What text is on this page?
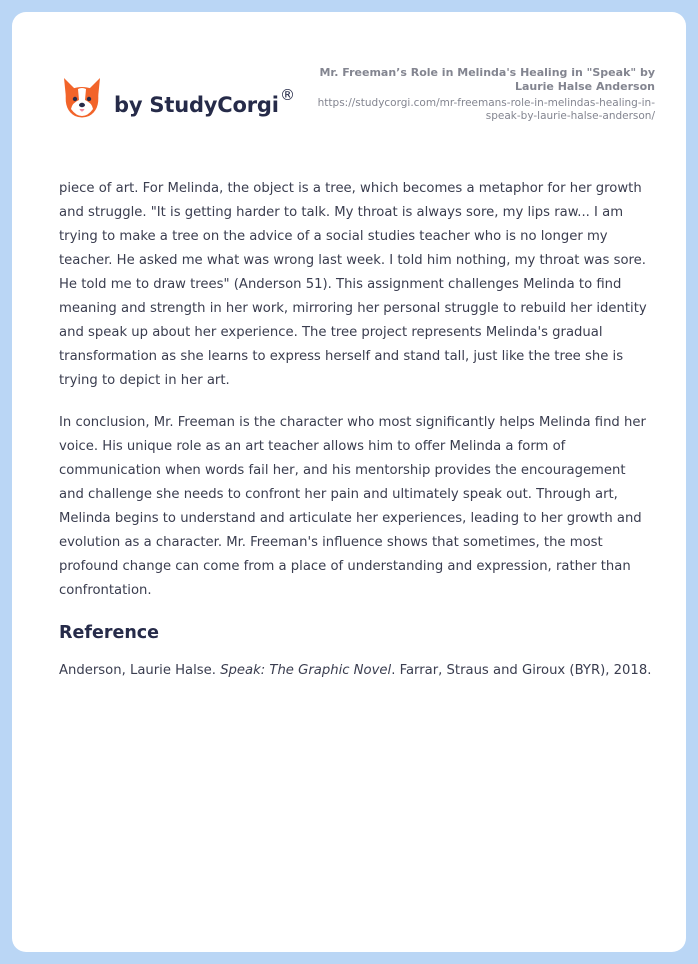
by StudyCorgi ®
Mr. Freeman’s Role in Melinda's Healing in "Speak" by Laurie Halse Anderson
https://studycorgi.com/mr-freemans-role-in-melindas-healing-in-speak-by-laurie-halse-anderson/

piece of art. For Melinda, the object is a tree, which becomes a metaphor for her growth and struggle. "It is getting harder to talk. My throat is always sore, my lips raw... I am trying to make a tree on the advice of a social studies teacher who is no longer my teacher. He asked me what was wrong last week. I told him nothing, my throat was sore. He told me to draw trees" (Anderson 51). This assignment challenges Melinda to find meaning and strength in her work, mirroring her personal struggle to rebuild her identity and speak up about her experience. The tree project represents Melinda's gradual transformation as she learns to express herself and stand tall, just like the tree she is trying to depict in her art.

In conclusion, Mr. Freeman is the character who most significantly helps Melinda find her voice. His unique role as an art teacher allows him to offer Melinda a form of communication when words fail her, and his mentorship provides the encouragement and challenge she needs to confront her pain and ultimately speak out. Through art, Melinda begins to understand and articulate her experiences, leading to her growth and evolution as a character. Mr. Freeman's influence shows that sometimes, the most profound change can come from a place of understanding and expression, rather than confrontation.

Reference
Anderson, Laurie Halse. Speak: The Graphic Novel. Farrar, Straus and Giroux (BYR), 2018.
